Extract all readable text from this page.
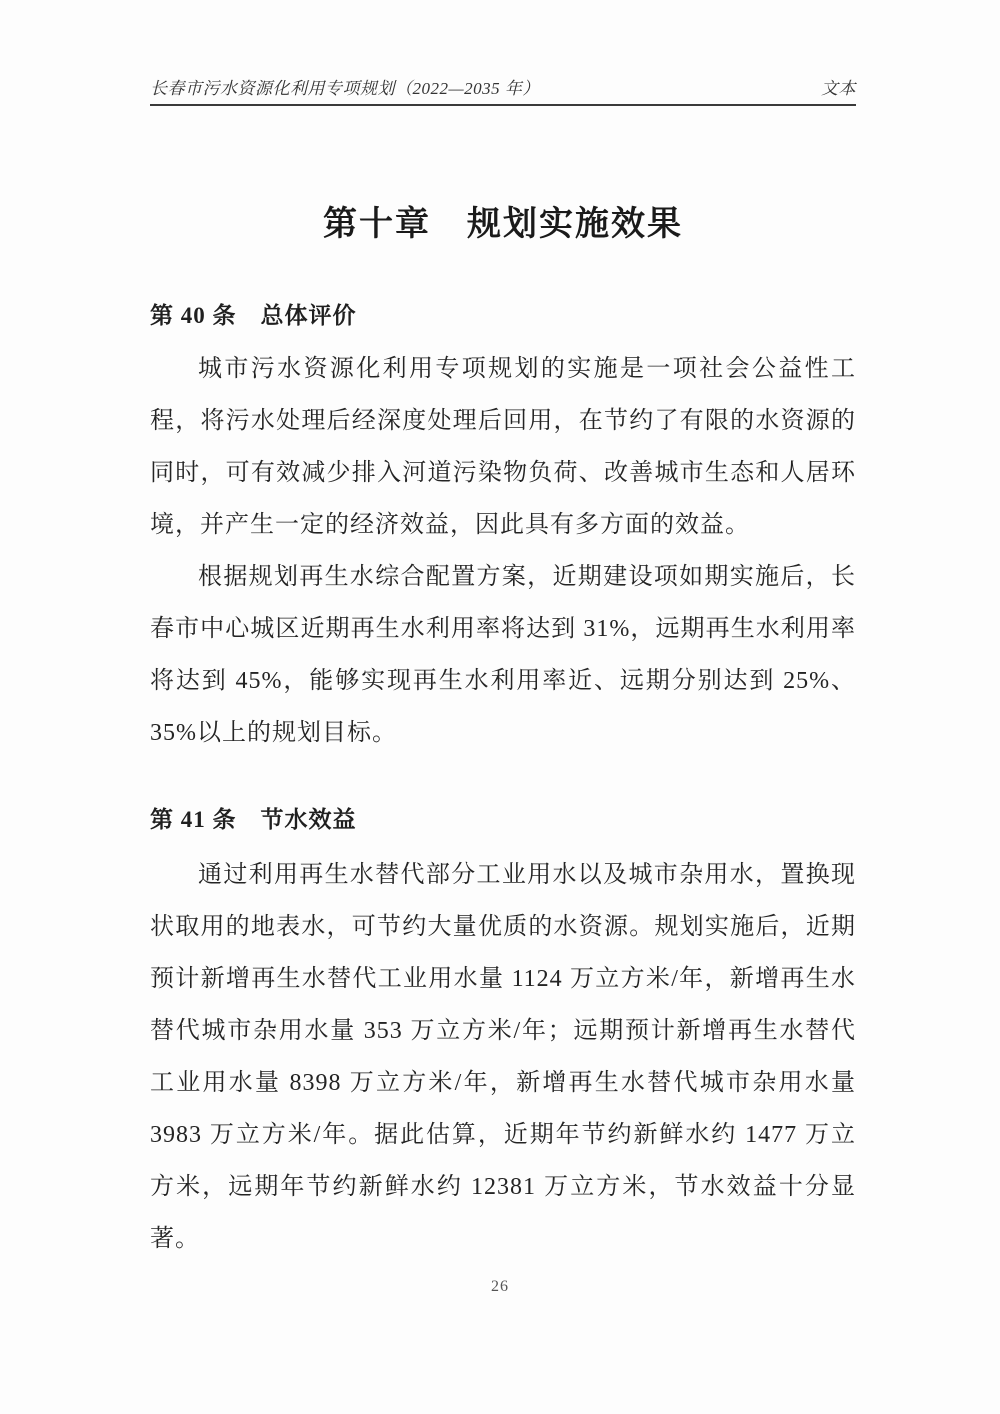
长春市污水资源化利用专项规划（2022—2035 年）	文本
第十章　规划实施效果
第 40 条　总体评价

城市污水资源化利用专项规划的实施是一项社会公益性工程，将污水处理后经深度处理后回用，在节约了有限的水资源的同时，可有效减少排入河道污染物负荷、改善城市生态和人居环境，并产生一定的经济效益，因此具有多方面的效益。

根据规划再生水综合配置方案，近期建设项如期实施后，长春市中心城区近期再生水利用率将达到 31%，远期再生水利用率将达到 45%，能够实现再生水利用率近、远期分别达到 25%、35%以上的规划目标。

第 41 条　节水效益

通过利用再生水替代部分工业用水以及城市杂用水，置换现状取用的地表水，可节约大量优质的水资源。规划实施后，近期预计新增再生水替代工业用水量 1124 万立方米/年，新增再生水替代城市杂用水量 353 万立方米/年；远期预计新增再生水替代工业用水量 8398 万立方米/年，新增再生水替代城市杂用水量 3983 万立方米/年。据此估算，近期年节约新鲜水约 1477 万立方米，远期年节约新鲜水约 12381 万立方米，节水效益十分显著。

26
